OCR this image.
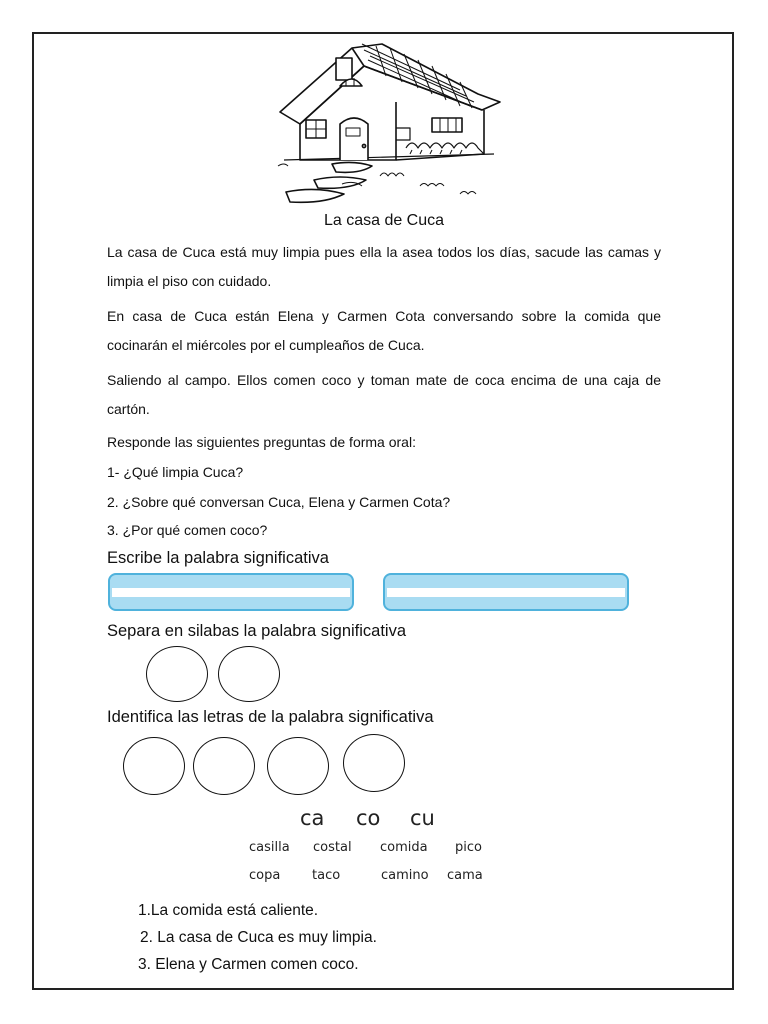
La casa de Cuca
La casa de Cuca está muy limpia pues ella la asea todos los días, sacude las camas y limpia el piso con cuidado.
En casa de Cuca están Elena y Carmen Cota conversando sobre la comida que cocinarán el miércoles por el cumpleaños de Cuca.
Saliendo al campo. Ellos comen coco y toman mate de coca encima de una caja de cartón.
Responde las siguientes preguntas de forma oral:
1- ¿Qué limpia Cuca?
2. ¿Sobre qué conversan Cuca, Elena y Carmen Cota?
3. ¿Por qué comen coco?
Escribe la palabra significativa
Separa en silabas la palabra significativa
Identifica las letras de la palabra significativa
ca co cu
casilla costal comida pico
copa taco	camino cama
1.La comida está caliente.
2. La casa de Cuca es muy limpia.
3. Elena y Carmen comen coco.
